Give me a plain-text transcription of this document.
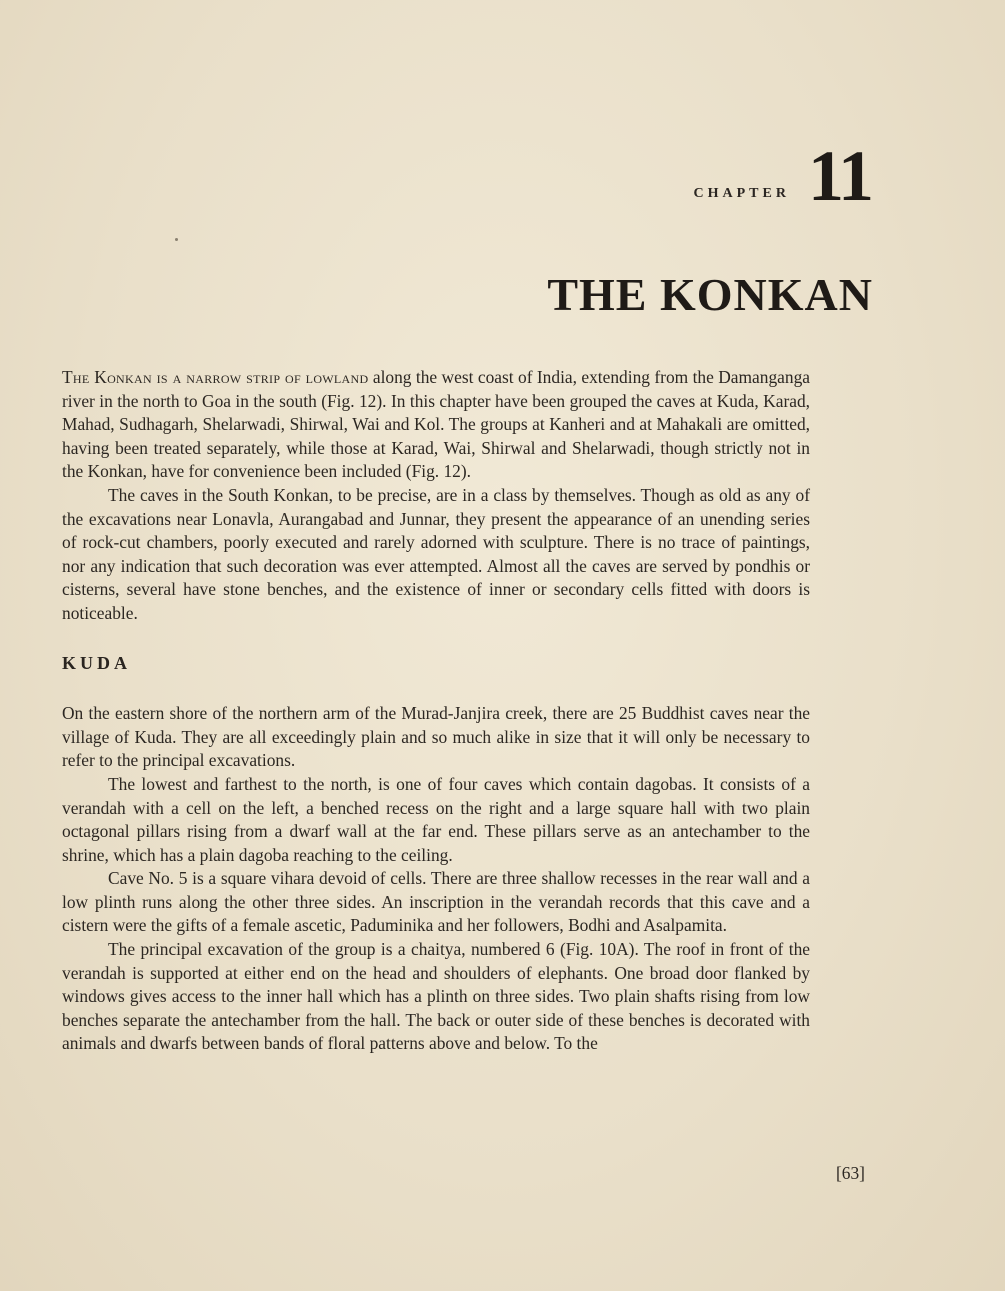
CHAPTER 11
THE KONKAN

The Konkan is a narrow strip of lowland along the west coast of India, extending from the Damanganga river in the north to Goa in the south (Fig. 12). In this chapter have been grouped the caves at Kuda, Karad, Mahad, Sudhagarh, Shelarwadi, Shirwal, Wai and Kol. The groups at Kanheri and at Mahakali are omitted, having been treated separately, while those at Karad, Wai, Shirwal and Shelarwadi, though strictly not in the Konkan, have for convenience been included (Fig. 12).

The caves in the South Konkan, to be precise, are in a class by themselves. Though as old as any of the excavations near Lonavla, Aurangabad and Junnar, they present the appearance of an unending series of rock-cut chambers, poorly executed and rarely adorned with sculpture. There is no trace of paintings, nor any indication that such decoration was ever attempted. Almost all the caves are served by pondhis or cisterns, several have stone benches, and the existence of inner or secondary cells fitted with doors is noticeable.

KUDA

On the eastern shore of the northern arm of the Murad-Janjira creek, there are 25 Buddhist caves near the village of Kuda. They are all exceedingly plain and so much alike in size that it will only be necessary to refer to the principal excavations.

The lowest and farthest to the north, is one of four caves which contain dagobas. It consists of a verandah with a cell on the left, a benched recess on the right and a large square hall with two plain octagonal pillars rising from a dwarf wall at the far end. These pillars serve as an antechamber to the shrine, which has a plain dagoba reaching to the ceiling.

Cave No. 5 is a square vihara devoid of cells. There are three shallow recesses in the rear wall and a low plinth runs along the other three sides. An inscription in the verandah records that this cave and a cistern were the gifts of a female ascetic, Paduminika and her followers, Bodhi and Asalpamita.

The principal excavation of the group is a chaitya, numbered 6 (Fig. 10A). The roof in front of the verandah is supported at either end on the head and shoulders of elephants. One broad door flanked by windows gives access to the inner hall which has a plinth on three sides. Two plain shafts rising from low benches separate the antechamber from the hall. The back or outer side of these benches is decorated with animals and dwarfs between bands of floral patterns above and below. To the

[63]
